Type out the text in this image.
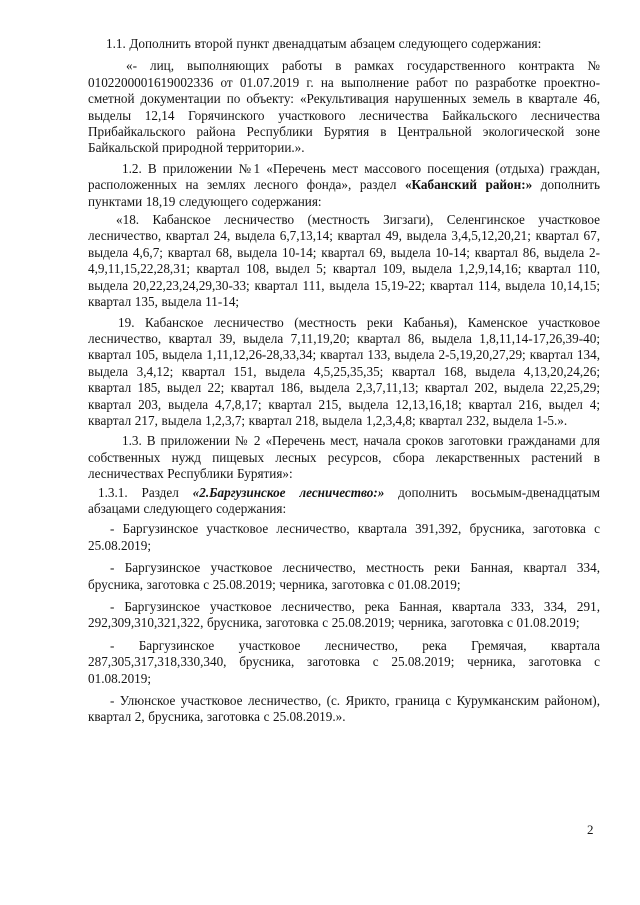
1.1. Дополнить второй пункт двенадцатым абзацем следующего содержания:

«- лиц, выполняющих работы в рамках государственного контракта № 0102200001619002336 от 01.07.2019 г. на выполнение работ по разработке проектно-сметной документации по объекту: «Рекультивация нарушенных земель в квартале 46, выделы 12,14 Горячинского участкового лесничества Байкальского лесничества Прибайкальского района Республики Бурятия в Центральной экологической зоне Байкальской природной территории.».

1.2. В приложении №1 «Перечень мест массового посещения (отдыха) граждан, расположенных на землях лесного фонда», раздел «Кабанский район:» дополнить пунктами 18,19 следующего содержания:

«18. Кабанское лесничество (местность Зигзаги), Селенгинское участковое лесничество, квартал 24, выдела 6,7,13,14; квартал 49, выдела 3,4,5,12,20,21; квартал 67, выдела 4,6,7; квартал 68, выдела 10-14; квартал 69, выдела 10-14; квартал 86, выдела 2-4,9,11,15,22,28,31; квартал 108, выдел 5; квартал 109, выдела 1,2,9,14,16; квартал 110, выдела 20,22,23,24,29,30-33; квартал 111, выдела 15,19-22; квартал 114, выдела 10,14,15; квартал 135, выдела 11-14;

19. Кабанское лесничество (местность реки Кабанья), Каменское участковое лесничество, квартал 39, выдела 7,11,19,20; квартал 86, выдела 1,8,11,14-17,26,39-40; квартал 105, выдела 1,11,12,26-28,33,34; квартал 133, выдела 2-5,19,20,27,29; квартал 134, выдела 3,4,12; квартал 151, выдела 4,5,25,35,35; квартал 168, выдела 4,13,20,24,26; квартал 185, выдел 22; квартал 186, выдела 2,3,7,11,13; квартал 202, выдела 22,25,29; квартал 203, выдела 4,7,8,17; квартал 215, выдела 12,13,16,18; квартал 216, выдел 4; квартал 217, выдела 1,2,3,7; квартал 218, выдела 1,2,3,4,8; квартал 232, выдела 1-5.».

1.3. В приложении № 2 «Перечень мест, начала сроков заготовки гражданами для собственных нужд пищевых лесных ресурсов, сбора лекарственных растений в лесничествах Республики Бурятия»:

1.3.1. Раздел «2.Баргузинское лесничество:» дополнить восьмым-двенадцатым абзацами следующего содержания:

- Баргузинское участковое лесничество, квартала 391,392, брусника, заготовка с 25.08.2019;

- Баргузинское участковое лесничество, местность реки Банная, квартал 334, брусника, заготовка с 25.08.2019; черника, заготовка с 01.08.2019;

- Баргузинское участковое лесничество, река Банная, квартала 333, 334, 291, 292,309,310,321,322, брусника, заготовка с 25.08.2019; черника, заготовка с 01.08.2019;

- Баргузинское участковое лесничество, река Гремячая, квартала 287,305,317,318,330,340, брусника, заготовка с 25.08.2019; черника, заготовка с 01.08.2019;

- Улюнское участковое лесничество, (с. Ярикто, граница с Курумканским районом), квартал 2, брусника, заготовка с 25.08.2019.».

2
